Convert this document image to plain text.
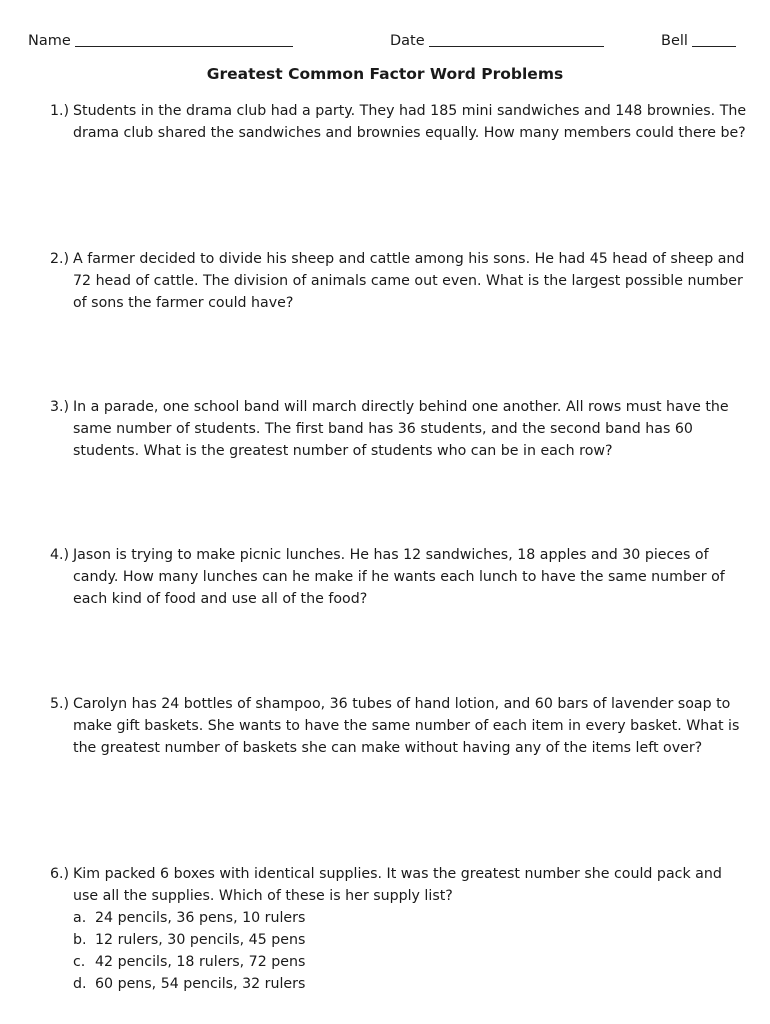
Name	Date	Bell
Greatest Common Factor Word Problems
1.) Students in the drama club had a party. They had 185 mini sandwiches and 148 brownies. The drama club shared the sandwiches and brownies equally. How many members could there be?
2.) A farmer decided to divide his sheep and cattle among his sons. He had 45 head of sheep and 72 head of cattle. The division of animals came out even. What is the largest possible number of sons the farmer could have?
3.) In a parade, one school band will march directly behind one another. All rows must have the same number of students. The first band has 36 students, and the second band has 60 students. What is the greatest number of students who can be in each row?
4.) Jason is trying to make picnic lunches. He has 12 sandwiches, 18 apples and 30 pieces of candy. How many lunches can he make if he wants each lunch to have the same number of each kind of food and use all of the food?
5.) Carolyn has 24 bottles of shampoo, 36 tubes of hand lotion, and 60 bars of lavender soap to make gift baskets. She wants to have the same number of each item in every basket. What is the greatest number of baskets she can make without having any of the items left over?
6.) Kim packed 6 boxes with identical supplies. It was the greatest number she could pack and use all the supplies. Which of these is her supply list?
a. 24 pencils, 36 pens, 10 rulers
b. 12 rulers, 30 pencils, 45 pens
c. 42 pencils, 18 rulers, 72 pens
d. 60 pens, 54 pencils, 32 rulers
